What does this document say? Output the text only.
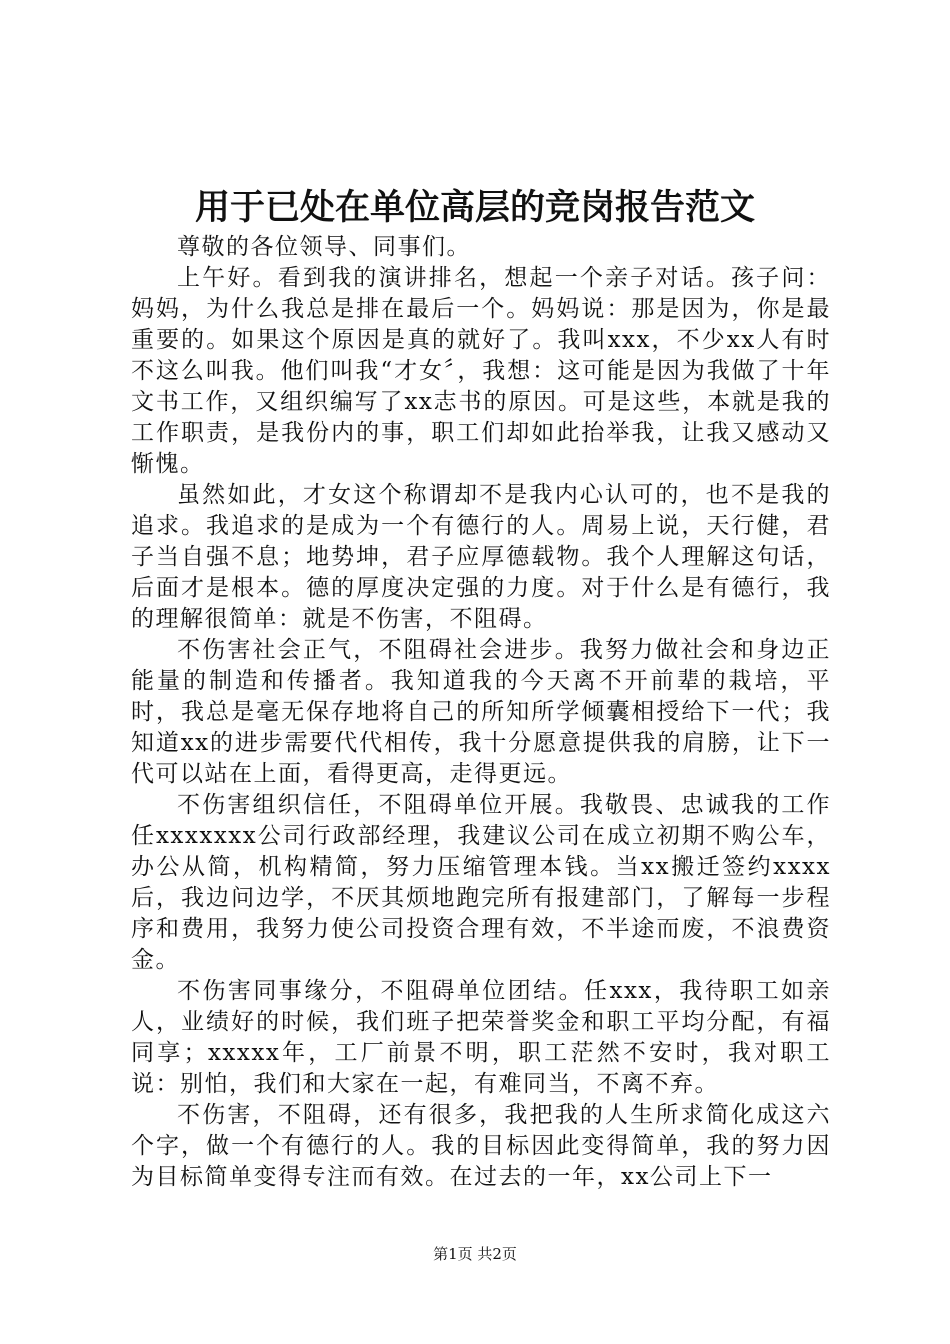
用于已处在单位高层的竞岗报告范文

尊敬的各位领导、同事们。

上午好。看到我的演讲排名，想起一个亲子对话。孩子问：妈妈，为什么我总是排在最后一个。妈妈说：那是因为，你是最重要的。如果这个原因是真的就好了。我叫xxx，不少xx人有时不这么叫我。他们叫我“才女〞，我想：这可能是因为我做了十年文书工作，又组织编写了xx志书的原因。可是这些，本就是我的工作职责，是我份内的事，职工们却如此抬举我，让我又感动又惭愧。

虽然如此，才女这个称谓却不是我内心认可的，也不是我的追求。我追求的是成为一个有德行的人。周易上说，天行健，君子当自强不息；地势坤，君子应厚德载物。我个人理解这句话，后面才是根本。德的厚度决定强的力度。对于什么是有德行，我的理解很简单：就是不伤害，不阻碍。

不伤害社会正气，不阻碍社会进步。我努力做社会和身边正能量的制造和传播者。我知道我的今天离不开前辈的栽培，平时，我总是毫无保存地将自己的所知所学倾囊相授给下一代；我知道xx的进步需要代代相传，我十分愿意提供我的肩膀，让下一代可以站在上面，看得更高，走得更远。

不伤害组织信任，不阻碍单位开展。我敬畏、忠诚我的工作任xxxxxxx公司行政部经理，我建议公司在成立初期不购公车，办公从简，机构精简，努力压缩管理本钱。当xx搬迁签约xxxx后，我边问边学，不厌其烦地跑完所有报建部门，了解每一步程序和费用，我努力使公司投资合理有效，不半途而废，不浪费资金。

不伤害同事缘分，不阻碍单位团结。任xxx，我待职工如亲人，业绩好的时候，我们班子把荣誉奖金和职工平均分配，有福同享；xxxxx年，工厂前景不明，职工茫然不安时，我对职工说：别怕，我们和大家在一起，有难同当，不离不弃。

不伤害，不阻碍，还有很多，我把我的人生所求简化成这六个字，做一个有德行的人。我的目标因此变得简单，我的努力因为目标简单变得专注而有效。在过去的一年，xx公司上下一

第1页 共2页
